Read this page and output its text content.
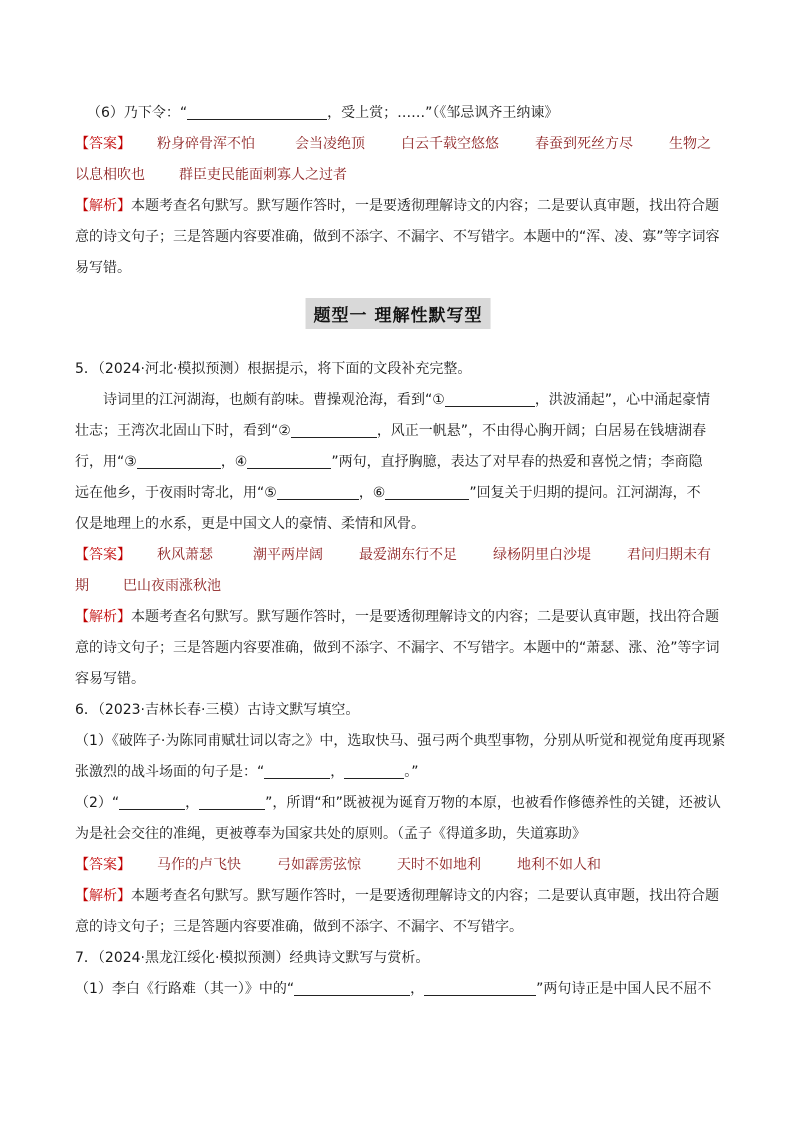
（6）乃下令：“	，受上赏；……”（《邹忌讽齐王纳谏》
【答案】 粉身碎骨浑不怕	会当凌绝顶	白云千载空悠悠	春蚕到死丝方尽	生物之
以息相吹也 群臣吏民能面刺寡人之过者
【解析】本题考查名句默写。默写题作答时，一是要透彻理解诗文的内容；二是要认真审题，找出符合题
意的诗文句子；三是答题内容要准确，做到不添字、不漏字、不写错字。本题中的“浑、凌、寡”等字词容
易写错。
题型一 理解性默写型
5．（2024·河北·模拟预测）根据提示，将下面的文段补充完整。
诗词里的江河湖海，也颇有韵味。曹操观沧海，看到“①	，洪波涌起”，心中涌起豪情
壮志；王湾次北固山下时，看到“②	，风正一帆悬”，不由得心胸开阔；白居易在钱塘湖春
行，用“③	，④	”两句，直抒胸臆，表达了对早春的热爱和喜悦之情；李商隐
远在他乡，于夜雨时寄北，用“⑤	，⑥	”回复关于归期的提问。江河湖海，不
仅是地理上的水系，更是中国文人的豪情、柔情和风骨。
【答案】 秋风萧瑟	潮平两岸阔	最爱湖东行不足	绿杨阴里白沙堤	君问归期未有
期 巴山夜雨涨秋池
【解析】本题考查名句默写。默写题作答时，一是要透彻理解诗文的内容；二是要认真审题，找出符合题
意的诗文句子；三是答题内容要准确，做到不添字、不漏字、不写错字。本题中的“萧瑟、涨、沧”等字词
容易写错。
6．（2023·吉林长春·三模）古诗文默写填空。
（1）《破阵子·为陈同甫赋壮词以寄之》中，选取快马、强弓两个典型事物，分别从听觉和视觉角度再现紧
张激烈的战斗场面的句子是：“	，	。”
（2）“	，	”，所谓“和”既被视为诞育万物的本原，也被看作修德养性的关键，还被认
为是社会交往的准绳，更被尊奉为国家共处的原则。（孟子《得道多助，失道寡助》
【答案】 马作的卢飞快	弓如霹雳弦惊	天时不如地利	地利不如人和
【解析】本题考查名句默写。默写题作答时，一是要透彻理解诗文的内容；二是要认真审题，找出符合题
意的诗文句子；三是答题内容要准确，做到不添字、不漏字、不写错字。
7．（2024·黑龙江绥化·模拟预测）经典诗文默写与赏析。
（1）李白《行路难（其一）》中的“	，	”两句诗正是中国人民不屈不
